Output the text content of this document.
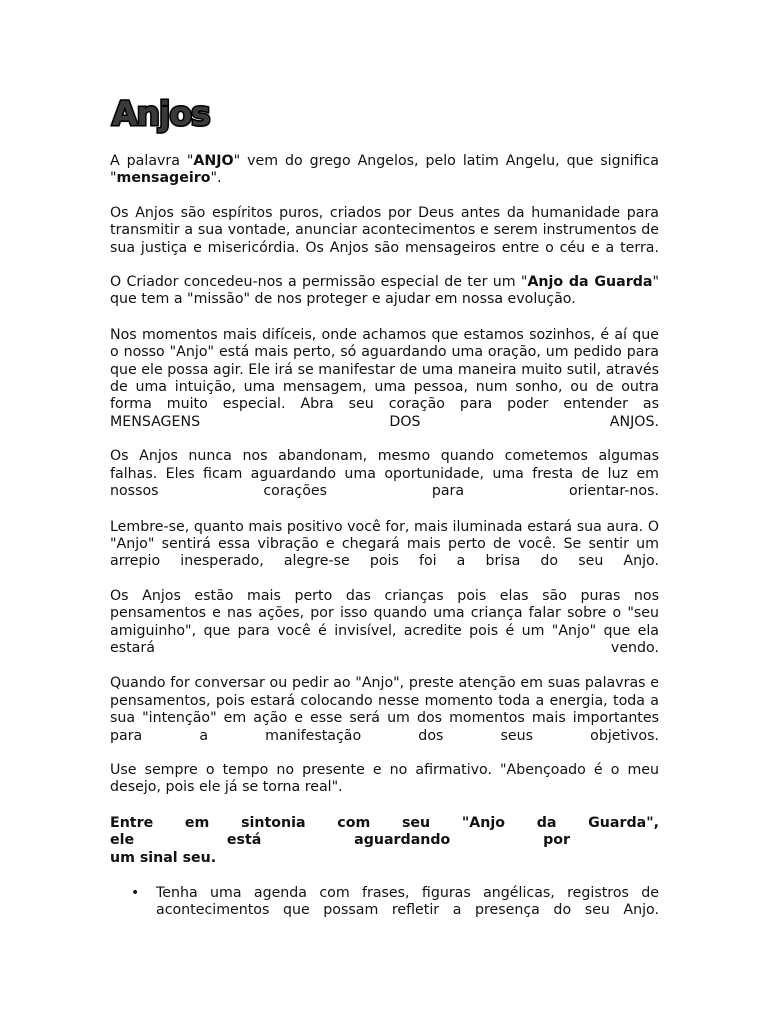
Anjos

A palavra "ANJO" vem do grego Angelos, pelo latim Angelu, que significa "mensageiro".

Os Anjos são espíritos puros, criados por Deus antes da humanidade para transmitir a sua vontade, anunciar acontecimentos e serem instrumentos de sua justiça e misericórdia. Os Anjos são mensageiros entre o céu e a terra.

O Criador concedeu-nos a permissão especial de ter um "Anjo da Guarda" que tem a "missão" de nos proteger e ajudar em nossa evolução.

Nos momentos mais difíceis, onde achamos que estamos sozinhos, é aí que o nosso "Anjo" está mais perto, só aguardando uma oração, um pedido para que ele possa agir. Ele irá se manifestar de uma maneira muito sutil, através de uma intuição, uma mensagem, uma pessoa, num sonho, ou de outra forma muito especial. Abra seu coração para poder entender as MENSAGENS DOS ANJOS.

Os Anjos nunca nos abandonam, mesmo quando cometemos algumas falhas. Eles ficam aguardando uma oportunidade, uma fresta de luz em nossos corações para orientar-nos.

Lembre-se, quanto mais positivo você for, mais iluminada estará sua aura. O "Anjo" sentirá essa vibração e chegará mais perto de você. Se sentir um arrepio inesperado, alegre-se pois foi a brisa do seu Anjo.

Os Anjos estão mais perto das crianças pois elas são puras nos pensamentos e nas ações, por isso quando uma criança falar sobre o "seu amiguinho", que para você é invisível, acredite pois é um "Anjo" que ela estará vendo.

Quando for conversar ou pedir ao "Anjo", preste atenção em suas palavras e pensamentos, pois estará colocando nesse momento toda a energia, toda a sua "intenção" em ação e esse será um dos momentos mais importantes para a manifestação dos seus objetivos.

Use sempre o tempo no presente e no afirmativo. "Abençoado é o meu desejo, pois ele já se torna real".

Entre em sintonia com seu "Anjo da Guarda",
ele está aguardando por
um sinal seu.

• Tenha uma agenda com frases, figuras angélicas, registros de acontecimentos que possam refletir a presença do seu Anjo.
